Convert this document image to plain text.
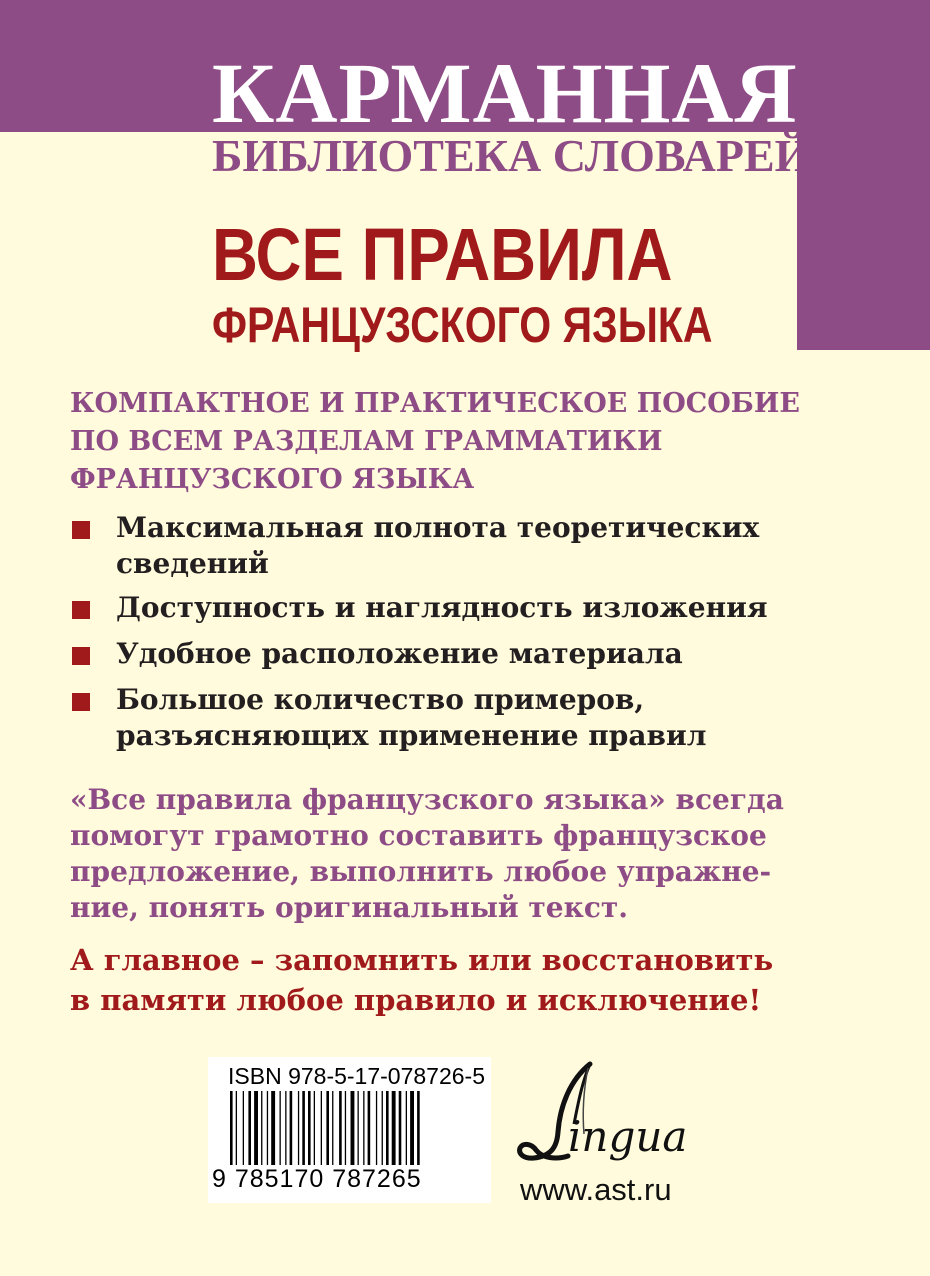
КАРМАННАЯ
БИБЛИОТЕКА СЛОВАРЕЙ
ВСЕ ПРАВИЛА
ФРАНЦУЗСКОГО ЯЗЫКА
КОМПАКТНОЕ И ПРАКТИЧЕСКОЕ ПОСОБИЕ
ПО ВСЕМ РАЗДЕЛАМ ГРАММАТИКИ
ФРАНЦУЗСКОГО ЯЗЫКА
Максимальная полнота теоретических
сведений
Доступность и наглядность изложения
Удобное расположение материала
Большое количество примеров,
разъясняющих применение правил
«Все правила французского языка» всегда
помогут грамотно составить французское
предложение, выполнить любое упражне-
ние, понять оригинальный текст.
А главное – запомнить или восстановить
в памяти любое правило и исключение!
ISBN 978-5-17-078726-5
9 785170 787265
ingua
www.ast.ru
